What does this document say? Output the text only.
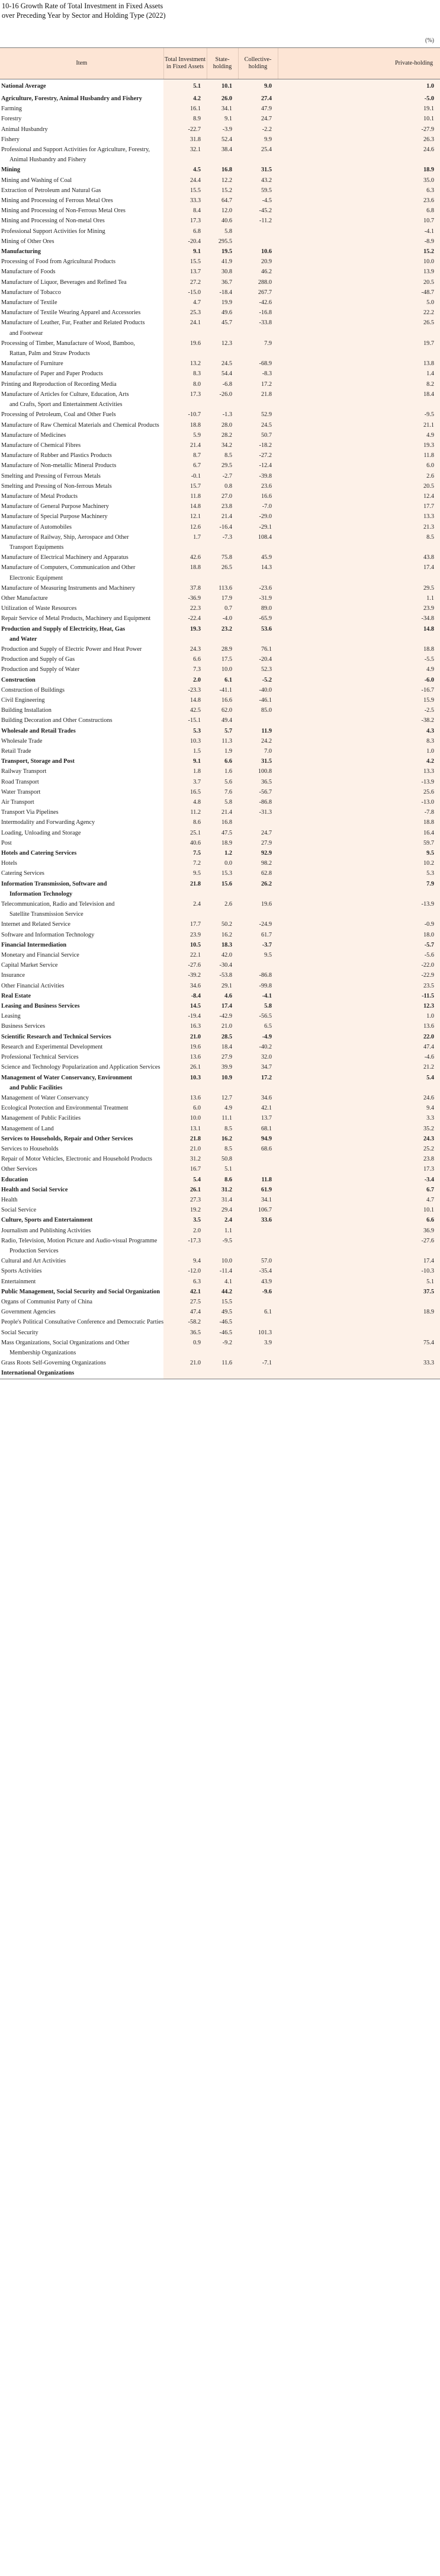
10-16 Growth Rate of Total Investment in Fixed Assets
over Preceding Year by Sector and Holding Type (2022)
(%)
Item	Total Investment in Fixed Assets	State-holding	Collective-holding	Private-holding

National Average	5.1	10.1	9.0	1.0

Agriculture, Forestry, Animal Husbandry and Fishery	4.2	26.0	27.4	-5.0

Farming	16.1	34.1	47.9	19.1

Forestry	8.9	9.1	24.7	10.1

Animal Husbandry	-22.7	-3.9	-2.2	-27.9

Fishery	31.8	52.4	9.9	26.3

Professional and Support Activities for Agriculture, Forestry,
Animal Husbandry and Fishery	32.1	38.4	25.4	24.6

Mining	4.5	16.8	31.5	18.9

Mining and Washing of Coal	24.4	12.2	43.2	35.0

Extraction of Petroleum and Natural Gas	15.5	15.2	59.5	6.3

Mining and Processing of Ferrous Metal Ores	33.3	64.7	-4.5	23.6

Mining and Processing of Non-Ferrous Metal Ores	8.4	12.0	-45.2	6.8

Mining and Processing of Non-metal Ores	17.3	40.6	-11.2	10.7

Professional Support Activities for Mining	6.8	5.8		-4.1

Mining of Other Ores	-20.4	295.5		-8.9

Manufacturing	9.1	19.5	10.6	15.2

Processing of Food from Agricultural Products	15.5	41.9	20.9	10.0

Manufacture of Foods	13.7	30.8	46.2	13.9

Manufacture of Liquor, Beverages and Refined Tea	27.2	36.7	288.0	20.5

Manufacture of Tobacco	-15.0	-18.4	267.7	-48.7

Manufacture of Textile	4.7	19.9	-42.6	5.0

Manufacture of Textile Wearing Apparel and Accessories	25.3	49.6	-16.8	22.2

Manufacture of Leather, Fur, Feather and Related Products
and Footwear	24.1	45.7	-33.8	26.5

Processing of Timber, Manufacture of Wood, Bamboo,
Rattan, Palm and Straw Products	19.6	12.3	7.9	19.7

Manufacture of Furniture	13.2	24.5	-68.9	13.8

Manufacture of Paper and Paper Products	8.3	54.4	-8.3	1.4

Printing and Reproduction of Recording Media	8.0	-6.8	17.2	8.2

Manufacture of Articles for Culture, Education, Arts
and Crafts, Sport and Entertainment Activities	17.3	-26.0	21.8	18.4

Processing of Petroleum, Coal and Other Fuels	-10.7	-1.3	52.9	-9.5

Manufacture of Raw Chemical Materials and Chemical Products	18.8	28.0	24.5	21.1

Manufacture of Medicines	5.9	28.2	50.7	4.9

Manufacture of Chemical Fibres	21.4	34.2	-18.2	19.3

Manufacture of Rubber and Plastics Products	8.7	8.5	-27.2	11.8

Manufacture of Non-metallic Mineral Products	6.7	29.5	-12.4	6.0

Smelting and Pressing of Ferrous Metals	-0.1	-2.7	-39.8	2.6

Smelting and Pressing of Non-ferrous Metals	15.7	0.8	23.6	20.5

Manufacture of Metal Products	11.8	27.0	16.6	12.4

Manufacture of General Purpose Machinery	14.8	23.8	-7.0	17.7

Manufacture of Special Purpose Machinery	12.1	21.4	-29.0	13.3

Manufacture of Automobiles	12.6	-16.4	-29.1	21.3

Manufacture of Railway, Ship, Aerospace and Other
Transport Equipments	1.7	-7.3	108.4	8.5

Manufacture of Electrical Machinery and Apparatus	42.6	75.8	45.9	43.8

Manufacture of Computers, Communication and Other
Electronic Equipment	18.8	26.5	14.3	17.4

Manufacture of Measuring Instruments and Machinery	37.8	113.6	-23.6	29.5

Other Manufacture	-36.9	17.9	-31.9	1.1

Utilization of Waste Resources	22.3	0.7	89.0	23.9

Repair Service of Metal Products, Machinery and Equipment	-22.4	-4.0	-65.9	-34.8

Production and Supply of Electricity, Heat, Gas
and Water	19.3	23.2	53.6	14.8

Production and Supply of Electric Power and Heat Power	24.3	28.9	76.1	18.8

Production and Supply of Gas	6.6	17.5	-20.4	-5.5

Production and Supply of Water	7.3	10.0	52.3	4.9

Construction	2.0	6.1	-5.2	-6.0

Construction of Buildings	-23.3	-41.1	-40.0	-16.7

Civil Engineering	14.8	16.6	-46.1	15.9

Building Installation	42.5	62.0	85.0	-2.5

Building Decoration and Other Constructions	-15.1	49.4		-38.2

Wholesale and Retail Trades	5.3	5.7	11.9	4.3

Wholesale Trade	10.3	11.3	24.2	8.3

Retail Trade	1.5	1.9	7.0	1.0

Transport, Storage and Post	9.1	6.6	31.5	4.2

Railway Transport	1.8	1.6	100.8	13.3

Road Transport	3.7	5.6	36.5	-13.9

Water Transport	16.5	7.6	-56.7	25.6

Air Transport	4.8	5.8	-86.8	-13.0

Transport Via Pipelines	11.2	21.4	-31.3	-7.8

Intermodality and Forwarding Agency	8.6	16.8		18.8

Loading, Unloading and Storage	25.1	47.5	24.7	16.4

Post	40.6	18.9	27.9	59.7

Hotels and Catering Services	7.5	1.2	92.9	9.5

Hotels	7.2	0.0	98.2	10.2

Catering Services	9.5	15.3	62.8	5.3

Information Transmission, Software and
Information Technology	21.8	15.6	26.2	7.9

Telecommunication, Radio and Television and
Satellite Transmission Service	2.4	2.6	19.6	-13.9

Internet and Related Service	17.7	50.2	-24.9	-0.9

Software and Information Technology	23.9	16.2	61.7	18.0

Financial Intermediation	10.5	18.3	-3.7	-5.7

Monetary and Financial Service	22.1	42.0	9.5	-5.6

Capital Market Service	-27.6	-30.4		-22.0

Insurance	-39.2	-53.8	-86.8	-22.9

Other Financial Activities	34.6	29.1	-99.8	23.5

Real Estate	-8.4	4.6	-4.1	-11.5

Leasing and Business Services	14.5	17.4	5.8	12.3

Leasing	-19.4	-42.9	-56.5	1.0

Business Services	16.3	21.0	6.5	13.6

Scientific Research and Technical Services	21.0	28.5	-4.9	22.0

Research and Experimental Development	19.6	18.4	-40.2	47.4

Professional Technical Services	13.6	27.9	32.0	-4.6

Science and Technology Popularization and Application Services	26.1	39.9	34.7	21.2

Management of Water Conservancy, Environment
and Public Facilities	10.3	10.9	17.2	5.4

Management of Water Conservancy	13.6	12.7	34.6	24.6

Ecological Protection and Environmental Treatment	6.0	4.9	42.1	9.4

Management of Public Facilities	10.0	11.1	13.7	3.3

Management of Land	13.1	8.5	68.1	35.2

Services to Households, Repair and Other Services	21.8	16.2	94.9	24.3

Services to Households	21.0	8.5	68.6	25.2

Repair of Motor Vehicles, Electronic and Household Products	31.2	50.8		23.8

Other Services	16.7	5.1		17.3

Education	5.4	8.6	11.8	-3.4

Health and Social Service	26.1	31.2	61.9	6.7

Health	27.3	31.4	34.1	4.7

Social Service	19.2	29.4	106.7	10.1

Culture, Sports and Entertainment	3.5	2.4	33.6	6.6

Journalism and Publishing Activities	2.0	1.1		36.9

Radio, Television, Motion Picture and Audio-visual Programme
Production Services	-17.3	-9.5		-27.6

Cultural and Art Activities	9.4	10.0	57.0	17.4

Sports Activities	-12.0	-11.4	-35.4	-10.3

Entertainment	6.3	4.1	43.9	5.1

Public Management, Social Security and Social Organization	42.1	44.2	-9.6	37.5

Organs of Communist Party of China	27.5	15.5		

Government Agencies	47.4	49.5	6.1	18.9

People's Political Consultative Conference and Democratic Parties	-58.2	-46.5		

Social Security	36.5	-46.5	101.3	

Mass Organizations, Social Organizations and Other
Membership Organizations	0.9	-9.2	3.9	75.4

Grass Roots Self-Governing Organizations	21.0	11.6	-7.1	33.3

International Organizations				
